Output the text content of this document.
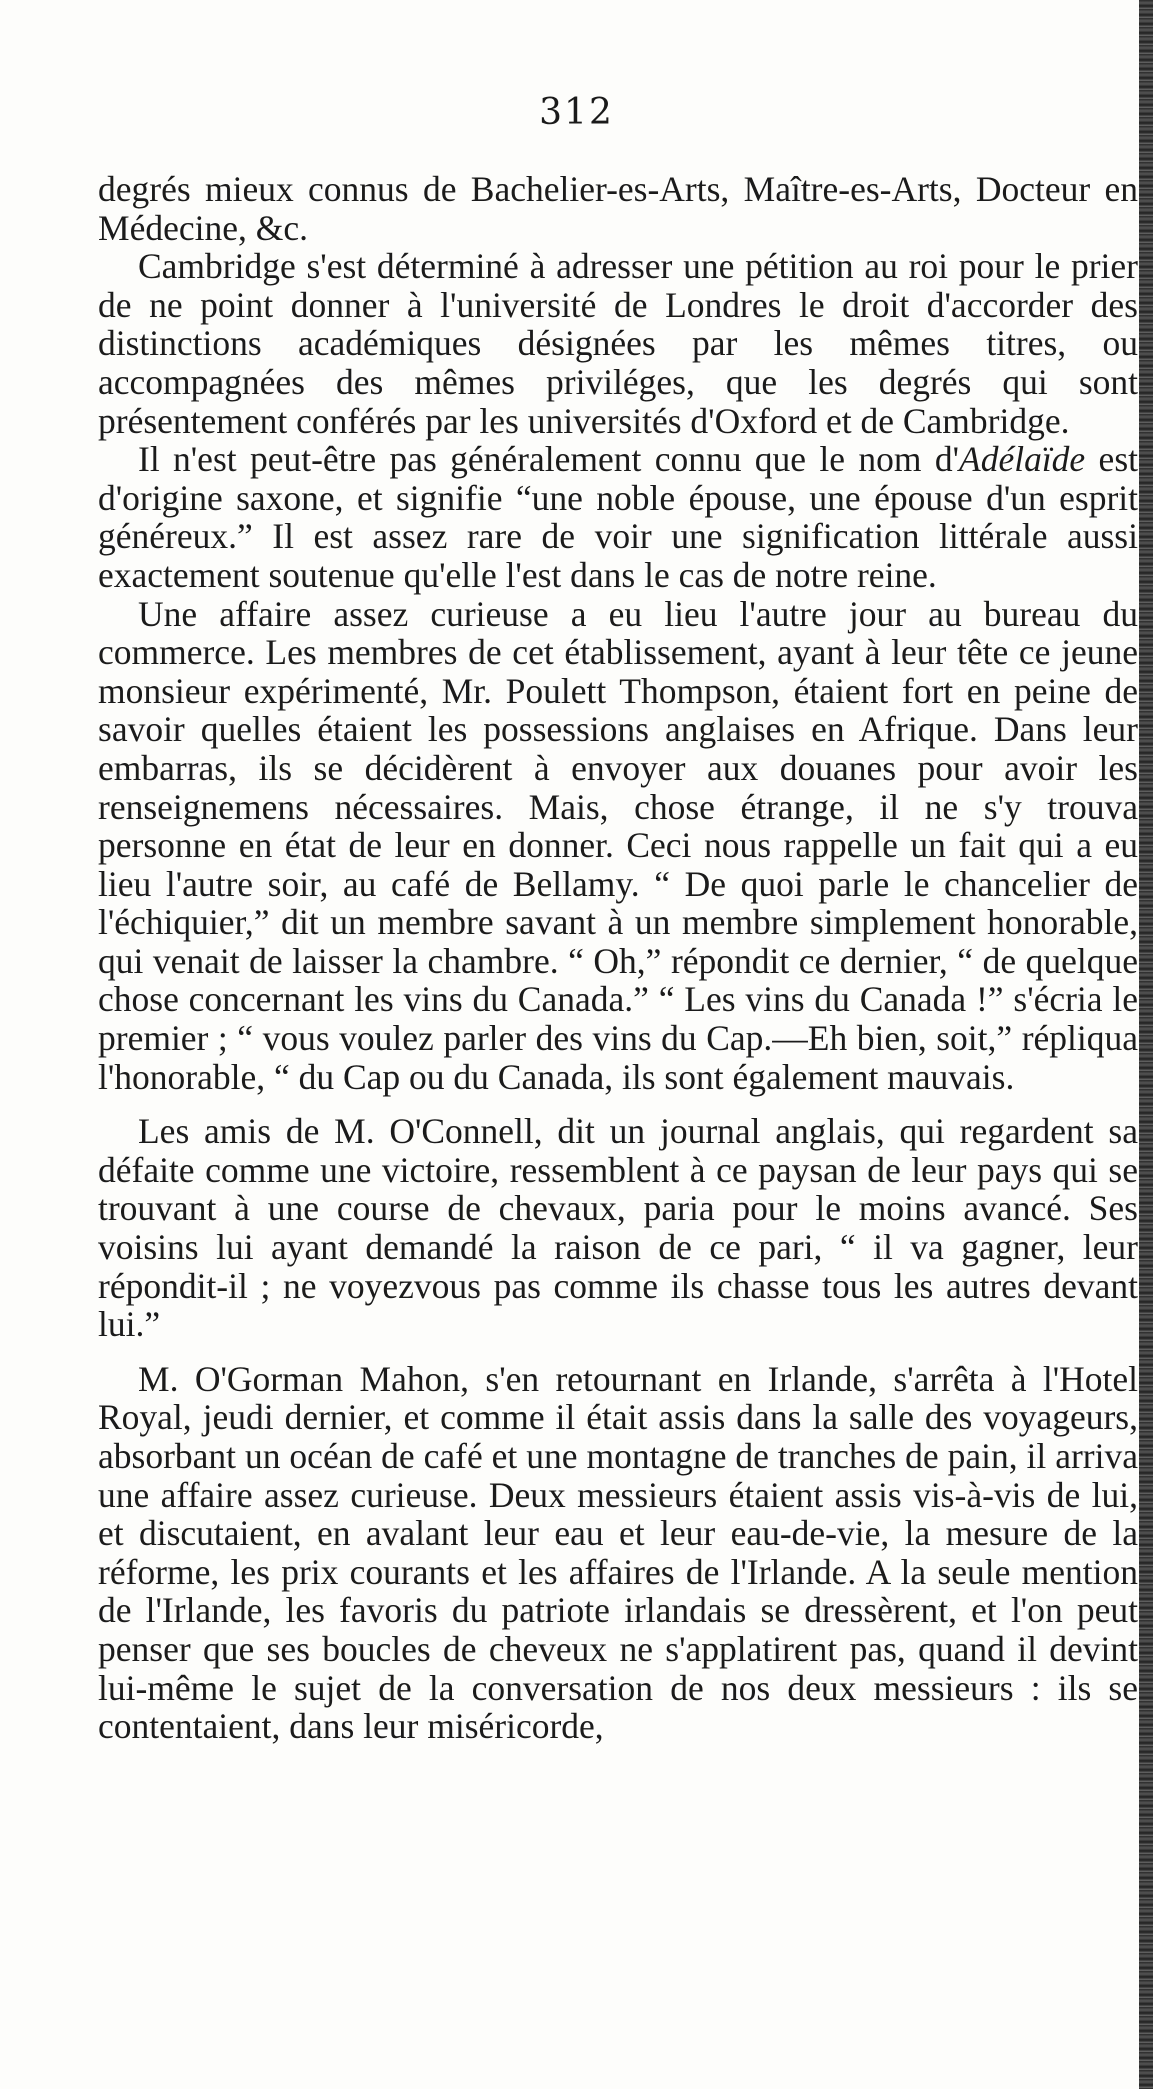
312

degrés mieux connus de Bachelier-es-Arts, Maître-es-Arts, Docteur en Médecine, &c.

Cambridge s'est déterminé à adresser une pétition au roi pour le prier de ne point donner à l'université de Londres le droit d'accorder des distinctions académiques désignées par les mêmes titres, ou accompagnées des mêmes priviléges, que les degrés qui sont présentement conférés par les universités d'Oxford et de Cambridge.

Il n'est peut-être pas généralement connu que le nom d'Adélaïde est d'origine saxone, et signifie “une noble épouse, une épouse d'un esprit généreux.” Il est assez rare de voir une signification littérale aussi exactement soutenue qu'elle l'est dans le cas de notre reine.

Une affaire assez curieuse a eu lieu l'autre jour au bureau du commerce. Les membres de cet établissement, ayant à leur tête ce jeune monsieur expérimenté, Mr. Poulett Thompson, étaient fort en peine de savoir quelles étaient les possessions anglaises en Afrique. Dans leur embarras, ils se décidèrent à envoyer aux douanes pour avoir les renseignemens nécessaires. Mais, chose étrange, il ne s'y trouva personne en état de leur en donner. Ceci nous rappelle un fait qui a eu lieu l'autre soir, au café de Bellamy. “ De quoi parle le chancelier de l'échiquier,” dit un membre savant à un membre simplement honorable, qui venait de laisser la chambre. “ Oh,” répondit ce dernier, “ de quelque chose concernant les vins du Canada.” “ Les vins du Canada !” s'écria le premier ; “ vous voulez parler des vins du Cap.—Eh bien, soit,” répliqua l'honorable, “ du Cap ou du Canada, ils sont également mauvais.

Les amis de M. O'Connell, dit un journal anglais, qui regardent sa défaite comme une victoire, ressemblent à ce paysan de leur pays qui se trouvant à une course de chevaux, paria pour le moins avancé. Ses voisins lui ayant demandé la raison de ce pari, “ il va gagner, leur répondit-il ; ne voyezvous pas comme ils chasse tous les autres devant lui.”

M. O'Gorman Mahon, s'en retournant en Irlande, s'arrêta à l'Hotel Royal, jeudi dernier, et comme il était assis dans la salle des voyageurs, absorbant un océan de café et une montagne de tranches de pain, il arriva une affaire assez curieuse. Deux messieurs étaient assis vis-à-vis de lui, et discutaient, en avalant leur eau et leur eau-de-vie, la mesure de la réforme, les prix courants et les affaires de l'Irlande. A la seule mention de l'Irlande, les favoris du patriote irlandais se dressèrent, et l'on peut penser que ses boucles de cheveux ne s'applatirent pas, quand il devint lui-même le sujet de la conversation de nos deux messieurs : ils se contentaient, dans leur miséricorde,
